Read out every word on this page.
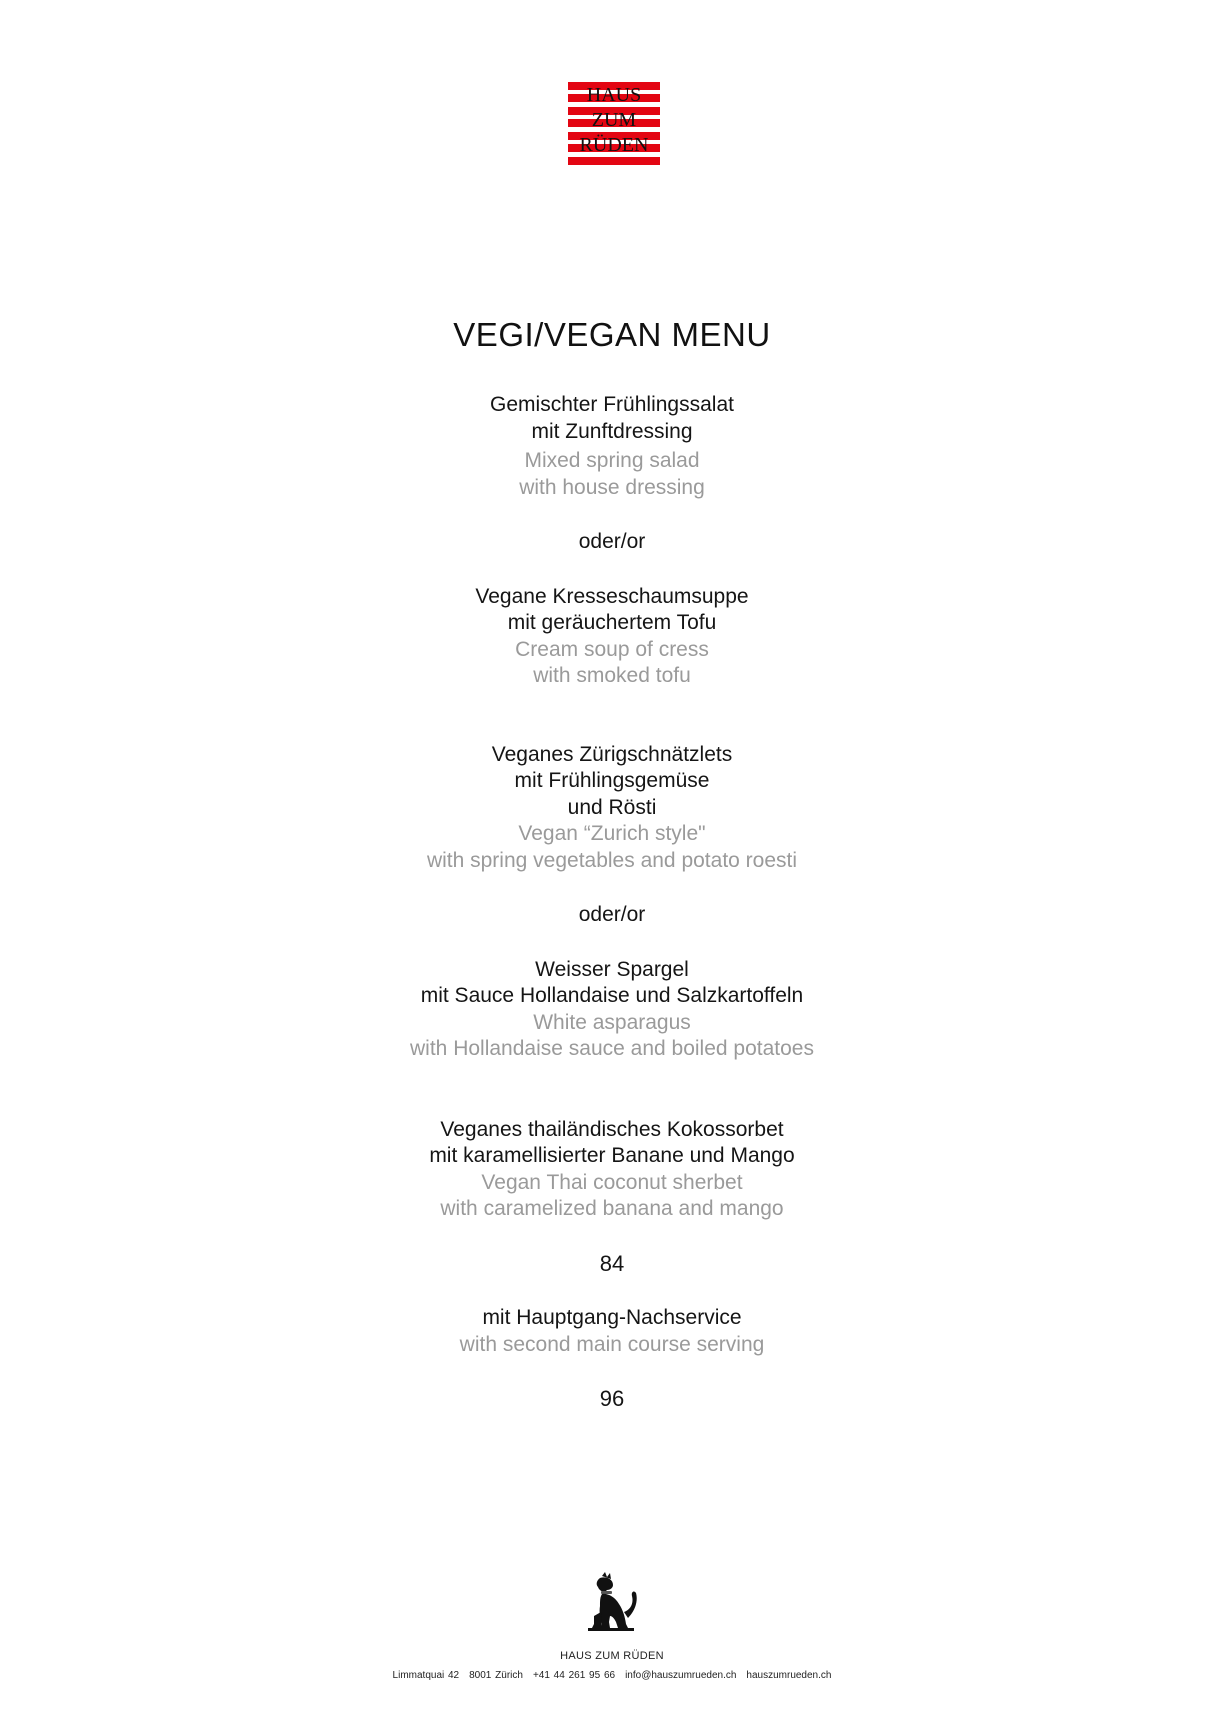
HAUS
ZUM
RÜDEN
VEGI/VEGAN MENU
Gemischter Frühlingssalat
mit Zunftdressing
Mixed spring salad
with house dressing
oder/or
Vegane Kresseschaumsuppe
mit geräuchertem Tofu
Cream soup of cress
with smoked tofu
Veganes Zürigschnätzlets
mit Frühlingsgemüse
und Rösti
Vegan “Zurich style"
with spring vegetables and potato roesti
oder/or
Weisser Spargel
mit Sauce Hollandaise und Salzkartoffeln
White asparagus
with Hollandaise sauce and boiled potatoes
Veganes thailändisches Kokossorbet
mit karamellisierter Banane und Mango
Vegan Thai coconut sherbet
with caramelized banana and mango
84
mit Hauptgang-Nachservice
with second main course serving
96
HAUS ZUM RÜDEN
Limmatquai 42 8001 Zürich +41 44 261 95 66 info@hauszumrueden.ch hauszumrueden.ch
